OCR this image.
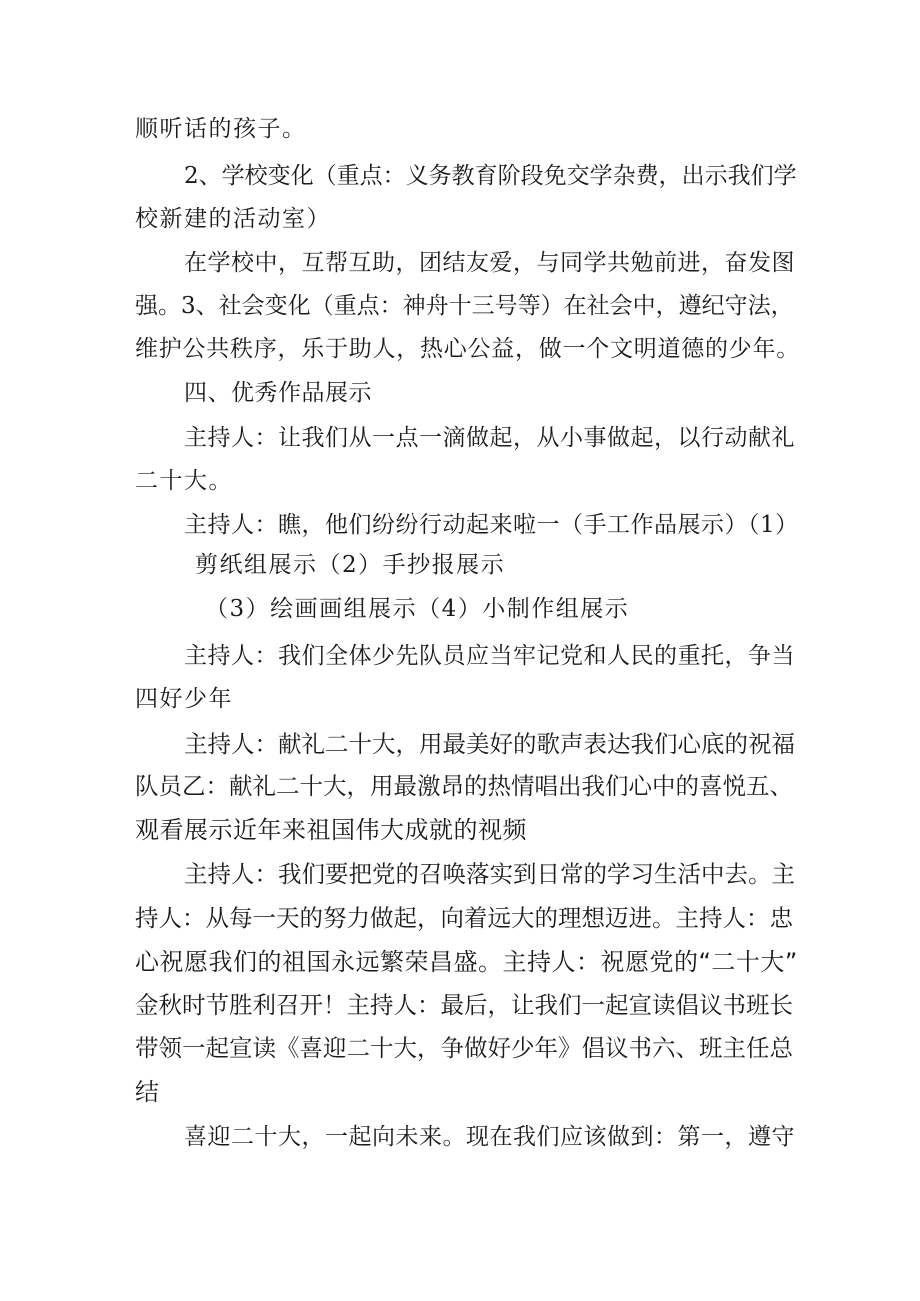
顺听话的孩子。

2、学校变化（重点：义务教育阶段免交学杂费，出示我们学

校新建的活动室）

在学校中，互帮互助，团结友爱，与同学共勉前进，奋发图

强。3、社会变化（重点：神舟十三号等）在社会中，遵纪守法，

维护公共秩序，乐于助人，热心公益，做一个文明道德的少年。

四、优秀作品展示

主持人：让我们从一点一滴做起，从小事做起，以行动献礼

二十大。

主持人：瞧，他们纷纷行动起来啦一（手工作品展示）（1）

剪纸组展示（2）手抄报展示

（3）绘画画组展示（4）小制作组展示

主持人：我们全体少先队员应当牢记党和人民的重托，争当

四好少年

主持人：献礼二十大，用最美好的歌声表达我们心底的祝福

队员乙：献礼二十大，用最激昂的热情唱出我们心中的喜悦五、

观看展示近年来祖国伟大成就的视频

主持人：我们要把党的召唤落实到日常的学习生活中去。主

持人：从每一天的努力做起，向着远大的理想迈进。主持人：忠

心祝愿我们的祖国永远繁荣昌盛。主持人：祝愿党的“二十大”

金秋时节胜利召开！主持人：最后，让我们一起宣读倡议书班长

带领一起宣读《喜迎二十大，争做好少年》倡议书六、班主任总

结

喜迎二十大，一起向未来。现在我们应该做到：第一，遵守
